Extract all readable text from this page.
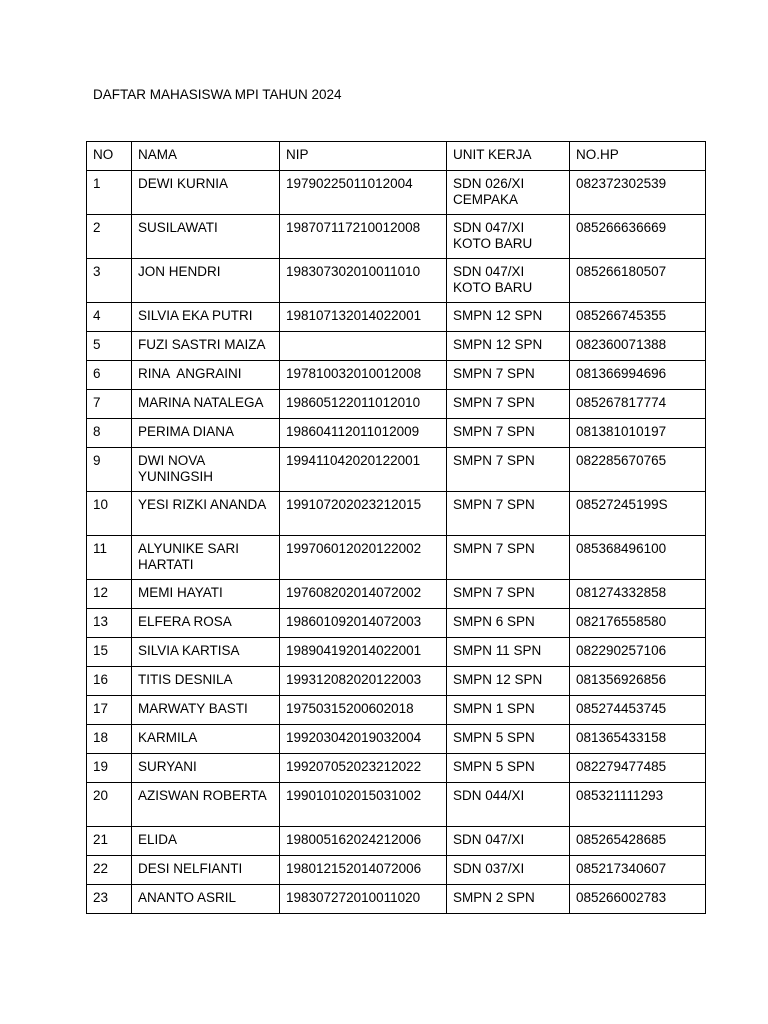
DAFTAR MAHASISWA MPI TAHUN 2024
NO	NAMA	NIP	UNIT KERJA	NO.HP
1	DEWI KURNIA	19790225011012004	SDN 026/XI CEMPAKA	082372302539
2	SUSILAWATI	198707117210012008	SDN 047/XI KOTO BARU	085266636669
3	JON HENDRI	198307302010011010	SDN 047/XI KOTO BARU	085266180507
4	SILVIA EKA PUTRI	198107132014022001	SMPN 12 SPN	085266745355
5	FUZI SASTRI MAIZA		SMPN 12 SPN	082360071388
6	RINA  ANGRAINI	197810032010012008	SMPN 7 SPN	081366994696
7	MARINA NATALEGA	198605122011012010	SMPN 7 SPN	085267817774
8	PERIMA DIANA	198604112011012009	SMPN 7 SPN	081381010197
9	DWI NOVA YUNINGSIH	199411042020122001	SMPN 7 SPN	082285670765
10	YESI RIZKI ANANDA	199107202023212015	SMPN 7 SPN	08527245199S
11	ALYUNIKE SARI HARTATI	199706012020122002	SMPN 7 SPN	085368496100
12	MEMI HAYATI	197608202014072002	SMPN 7 SPN	081274332858
13	ELFERA ROSA	198601092014072003	SMPN 6 SPN	082176558580
15	SILVIA KARTISA	198904192014022001	SMPN 11 SPN	082290257106
16	TITIS DESNILA	199312082020122003	SMPN 12 SPN	081356926856
17	MARWATY BASTI	19750315200602018	SMPN 1 SPN	085274453745
18	KARMILA	199203042019032004	SMPN 5 SPN	081365433158
19	SURYANI	199207052023212022	SMPN 5 SPN	082279477485
20	AZISWAN ROBERTA	199010102015031002	SDN 044/XI	085321111293
21	ELIDA	198005162024212006	SDN 047/XI	085265428685
22	DESI NELFIANTI	198012152014072006	SDN 037/XI	085217340607
23	ANANTO ASRIL	198307272010011020	SMPN 2 SPN	085266002783
